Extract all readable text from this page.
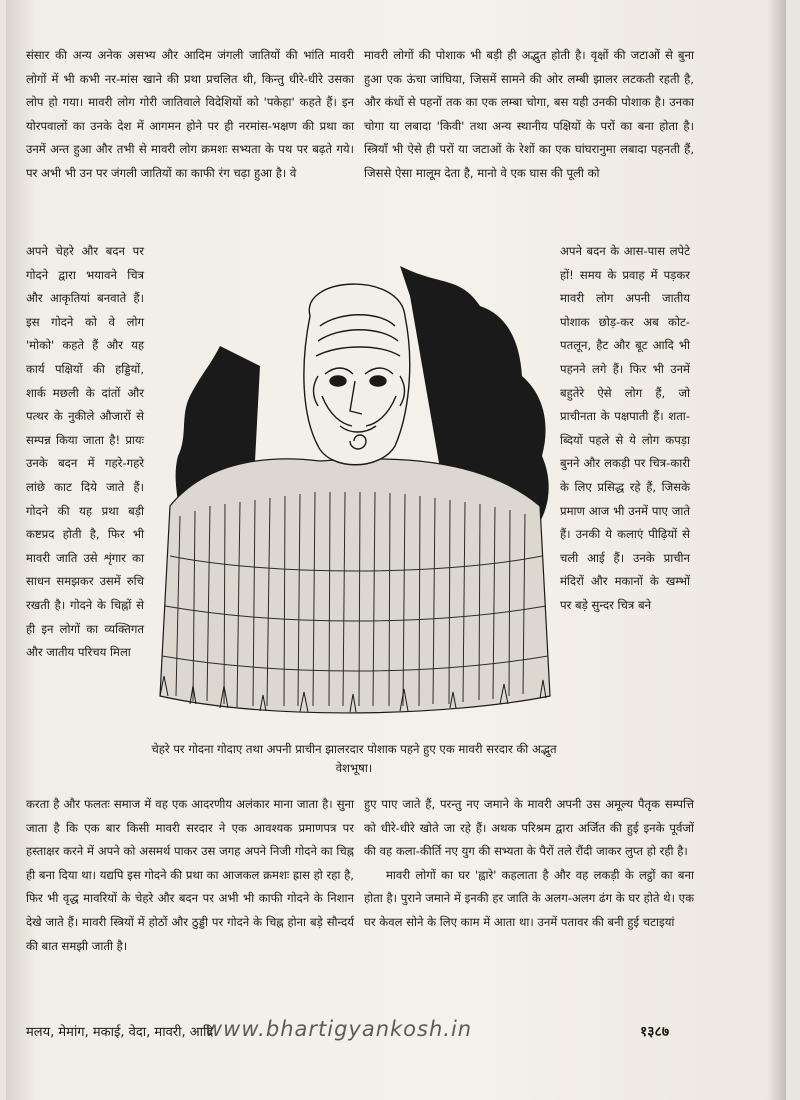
संसार की अन्य अनेक असभ्य और आदिम जंगली जातियों की भांति मावरी लोगों में भी कभी नर-मांस खाने की प्रथा प्रचलित थी, किन्तु धीरे-धीरे उसका लोप हो गया। मावरी लोग गोरी जातिवाले विदेशियों को 'पकेहा' कहते हैं। इन योरपवालों का उनके देश में आगमन होने पर ही नरमांस-भक्षण की प्रथा का उनमें अन्त हुआ और तभी से मावरी लोग क्रमशः सभ्यता के पथ पर बढ़ते गये। पर अभी भी उन पर जंगली जातियों का काफी रंग चढ़ा हुआ है। वे

मावरी लोगों की पोशाक भी बड़ी ही अद्भुत होती है। वृक्षों की जटाओं से बुना हुआ एक ऊंचा जांघिया, जिसमें सामने की ओर लम्बी झालर लटकती रहती है, और कंधों से पहनों तक का एक लम्बा चोगा, बस यही उनकी पोशाक है। उनका चोगा या लबादा 'किवी' तथा अन्य स्थानीय पक्षियों के परों का बना होता है। स्त्रियाँ भी ऐसे ही परों या जटाओं के रेशों का एक घांघरानुमा लबादा पहनती हैं, जिससे ऐसा मालूम देता है, मानो वे एक घास की पूली को

अपने चेहरे और बदन पर गोदने द्वारा भयावने चित्र और आकृतियां बनवाते हैं। इस गोदने को वे लोग 'मोको' कहते हैं और यह कार्य पक्षियों की हड्डियों, शार्क मछली के दांतों और पत्थर के नुकीले औजारों से सम्पन्न किया जाता है! प्रायः उनके बदन में गहरे-गहरे लांछे काट दिये जाते हैं। गोदने की यह प्रथा बड़ी कष्टप्रद होती है, फिर भी मावरी जाति उसे शृंगार का साधन समझकर उसमें रुचि रखती है। गोदने के चिह्नों से ही इन लोगों का व्यक्तिगत और जातीय परिचय मिला

अपने बदन के आस-पास लपेटे हों! समय के प्रवाह में पड़कर मावरी लोग अपनी जातीय पोशाक छोड़-कर अब कोट-पतलून, हैट और बूट आदि भी पहनने लगे हैं। फिर भी उनमें बहुतेरे ऐसे लोग हैं, जो प्राचीनता के पक्षपाती हैं। शता-ब्दियों पहले से ये लोग कपड़ा बुनने और लकड़ी पर चित्र-कारी के लिए प्रसिद्ध रहे हैं, जिसके प्रमाण आज भी उनमें पाए जाते हैं। उनकी ये कलाएं पीढ़ियों से चली आई हैं। उनके प्राचीन मंदिरों और मकानों के खम्भों पर बड़े सुन्दर चित्र बने

चेहरे पर गोदना गोदाए तथा अपनी प्राचीन झालरदार पोशाक पहने हुए एक मावरी सरदार की अद्भुत वेशभूषा।

करता है और फलतः समाज में वह एक आदरणीय अलंकार माना जाता है। सुना जाता है कि एक बार किसी मावरी सरदार ने एक आवश्यक प्रमाणपत्र पर हस्ताक्षर करने में अपने को असमर्थ पाकर उस जगह अपने निजी गोदने का चिह्न ही बना दिया था। यद्यपि इस गोदने की प्रथा का आजकल क्रमशः ह्रास हो रहा है, फिर भी वृद्ध मावरियों के चेहरे और बदन पर अभी भी काफी गोदने के निशान देखे जाते हैं। मावरी स्त्रियों में होठों और ठुड्डी पर गोदने के चिह्न होना बड़े सौन्दर्य की बात समझी जाती है।

हुए पाए जाते हैं, परन्तु नए जमाने के मावरी अपनी उस अमूल्य पैतृक सम्पत्ति को धीरे-धीरे खोते जा रहे हैं। अथक परिश्रम द्वारा अर्जित की हुई इनके पूर्वजों की वह कला-कीर्ति नए युग की सभ्यता के पैरों तले रौंदी जाकर लुप्त हो रही है।

मावरी लोगों का घर 'ह्वारे' कहलाता है और वह लकड़ी के लट्ठों का बना होता है। पुराने जमाने में इनकी हर जाति के अलग-अलग ढंग के घर होते थे। एक घर केवल सोने के लिए काम में आता था। उनमें पतावर की बनी हुई चटाइयां

मलय, मेमांग, मकाई, वेदा, मावरी, आदि
www.bhartigyankosh.in	१३८७
